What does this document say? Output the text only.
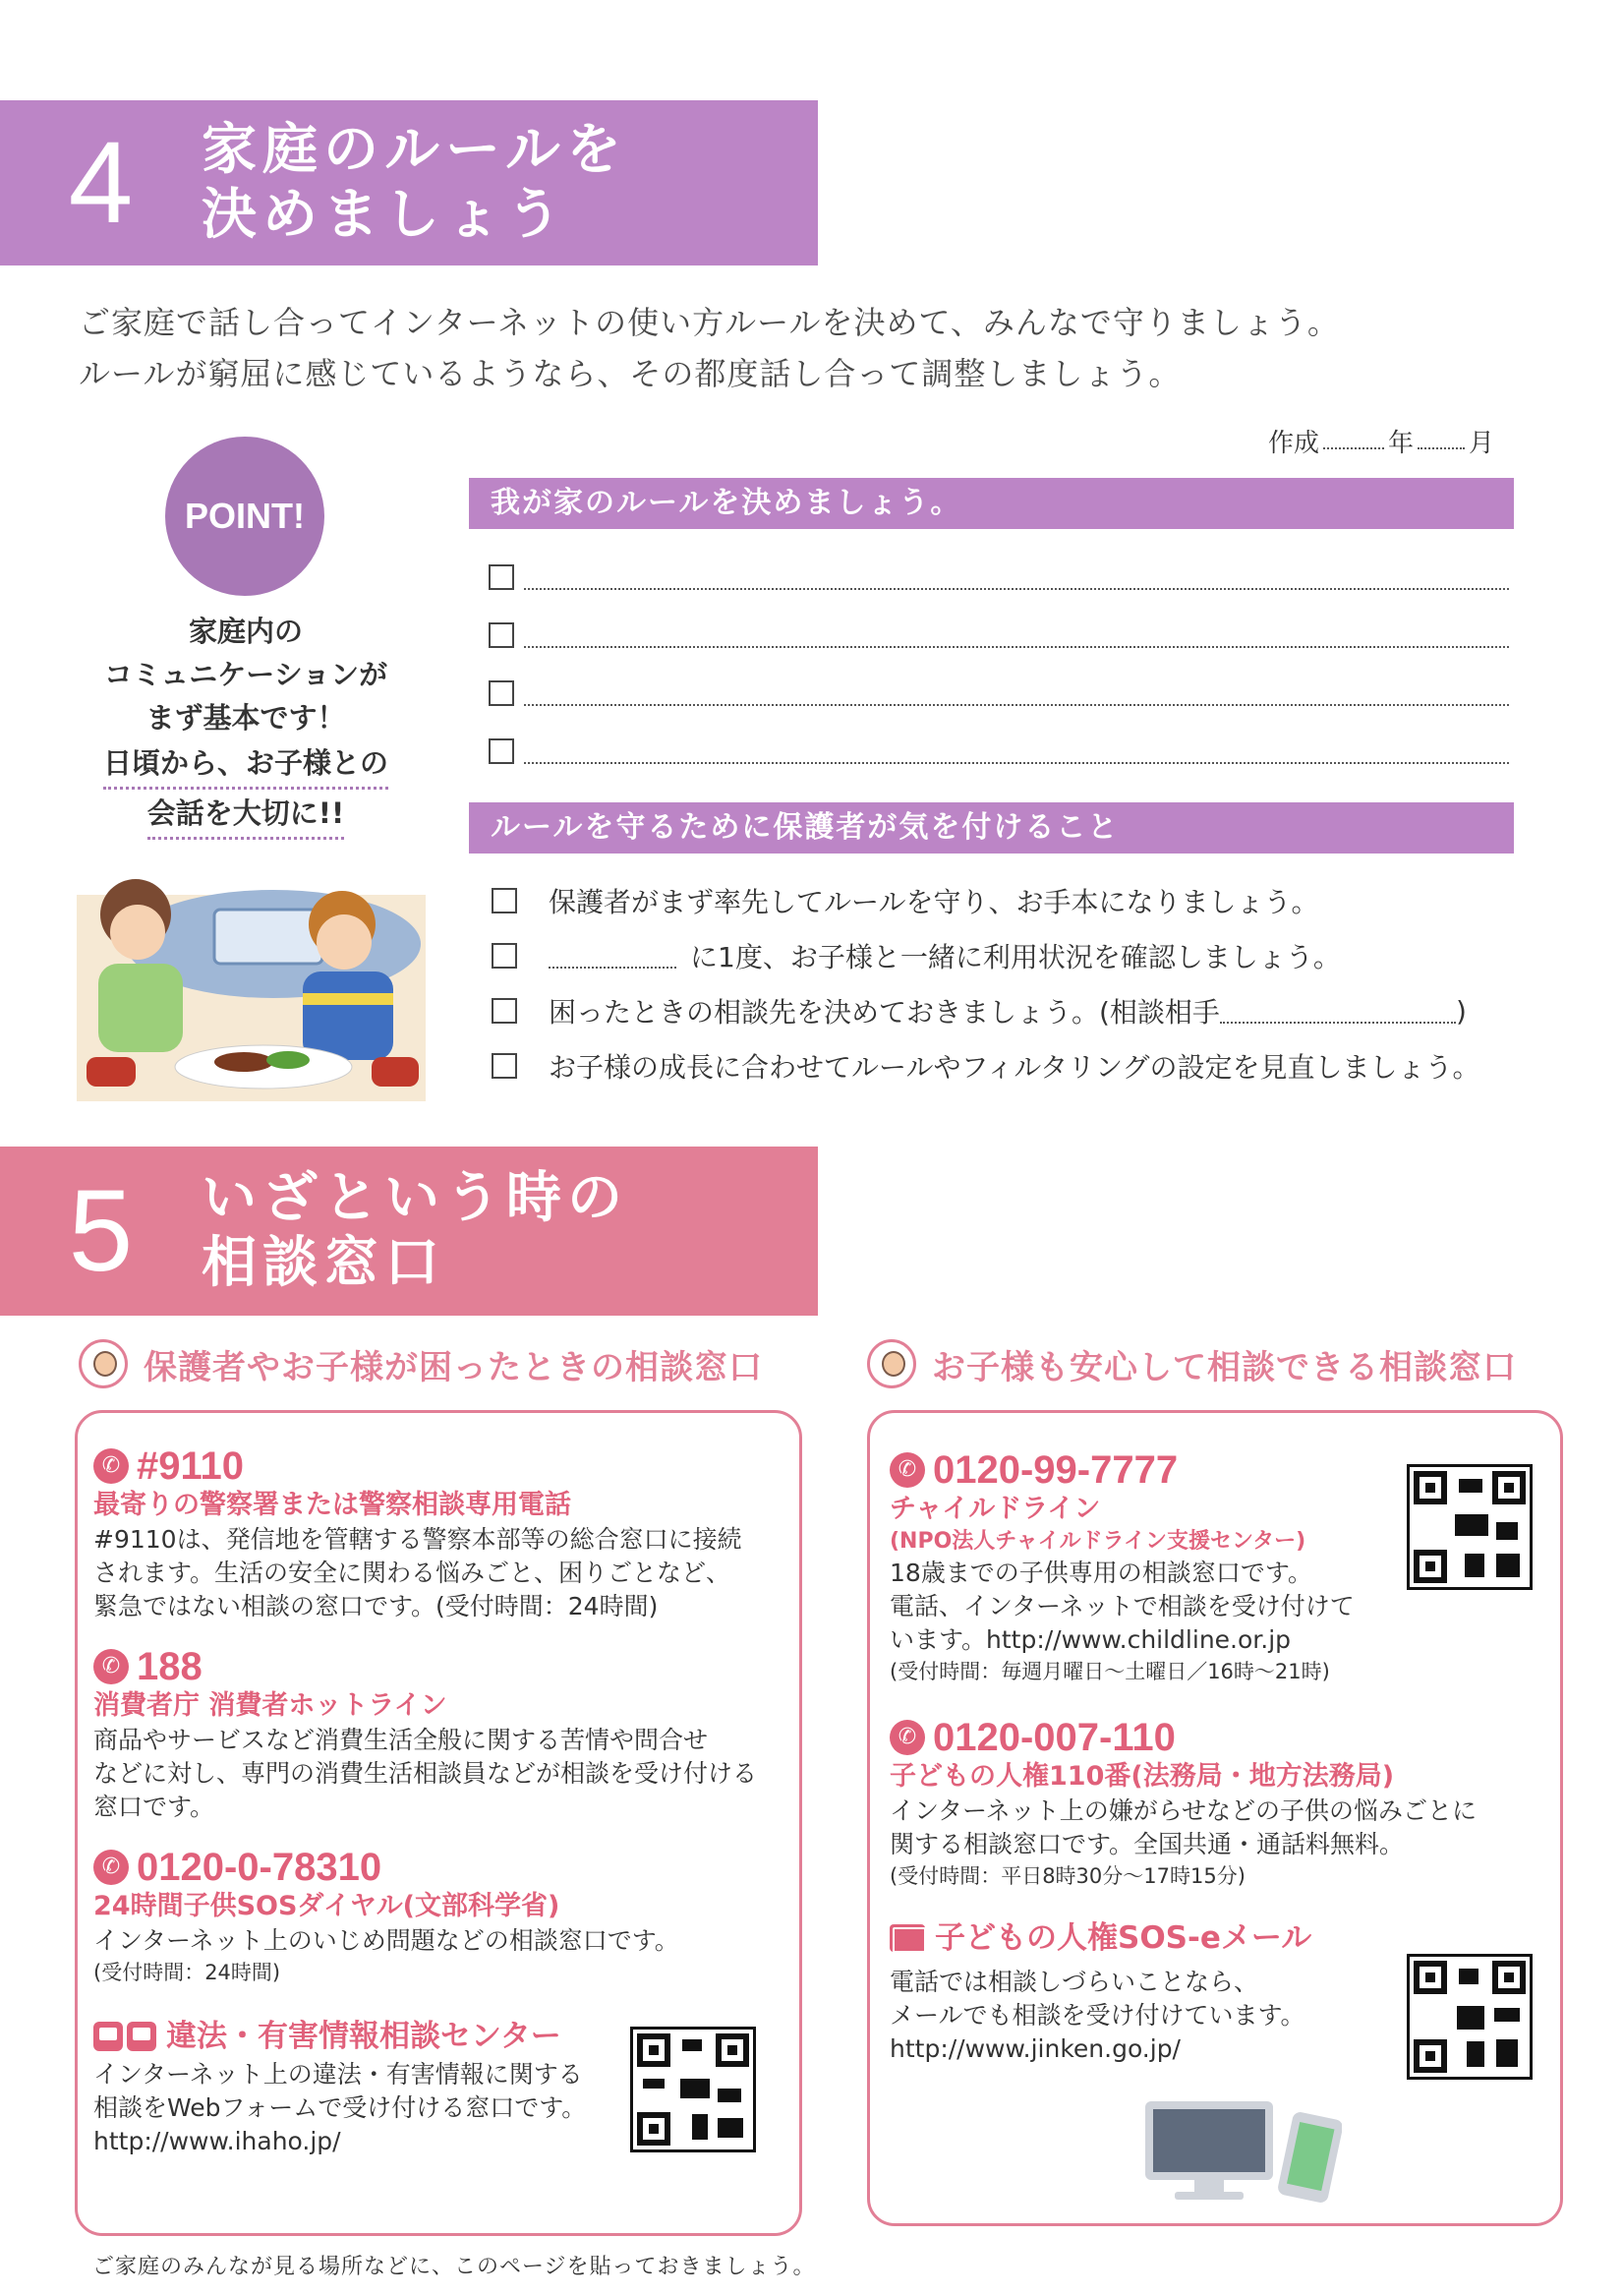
4	家庭のルールを
決めましょう
ご家庭で話し合ってインターネットの使い方ルールを決めて、みんなで守りましょう。
ルールが窮屈に感じているようなら、その都度話し合って調整しましょう。
POINT!
家庭内の
コミュニケーションが
まず基本です！
日頃から、お子様との
会話を大切に!!
作成	年 月
我が家のルールを決めましょう。
ルールを守るために保護者が気を付けること
保護者がまず率先してルールを守り、お手本になりましょう。
に1度、お子様と一緒に利用状況を確認しましょう。
困ったときの相談先を決めておきましょう。(相談相手	)
お子様の成長に合わせてルールやフィルタリングの設定を見直しましょう。
5	いざという時の
相談窓口
保護者やお子様が困ったときの相談窓口	お子様も安心して相談できる相談窓口
✆ #9110
最寄りの警察署または警察相談専用電話
#9110は、発信地を管轄する警察本部等の総合窓口に接続
されます。生活の安全に関わる悩みごと、困りごとなど、
緊急ではない相談の窓口です。(受付時間：24時間)
✆ 188
消費者庁 消費者ホットライン
商品やサービスなど消費生活全般に関する苦情や問合せ
などに対し、専門の消費生活相談員などが相談を受け付ける
窓口です。
✆ 0120-0-78310
24時間子供SOSダイヤル(文部科学省)
インターネット上のいじめ問題などの相談窓口です。
(受付時間：24時間)
違法・有害情報相談センター
インターネット上の違法・有害情報に関する
相談をWebフォームで受け付ける窓口です。
http://www.ihaho.jp/
✆ 0120-99-7777
チャイルドライン
(NPO法人チャイルドライン支援センター)
18歳までの子供専用の相談窓口です。
電話、インターネットで相談を受け付けて
います。http://www.childline.or.jp
(受付時間：毎週月曜日～土曜日／16時～21時)
✆ 0120-007-110
子どもの人権110番(法務局・地方法務局)
インターネット上の嫌がらせなどの子供の悩みごとに
関する相談窓口です。全国共通・通話料無料。
(受付時間：平日8時30分～17時15分)
子どもの人権SOS-eメール
電話では相談しづらいことなら、
メールでも相談を受け付けています。
http://www.jinken.go.jp/
ご家庭のみんなが見る場所などに、このページを貼っておきましょう。
